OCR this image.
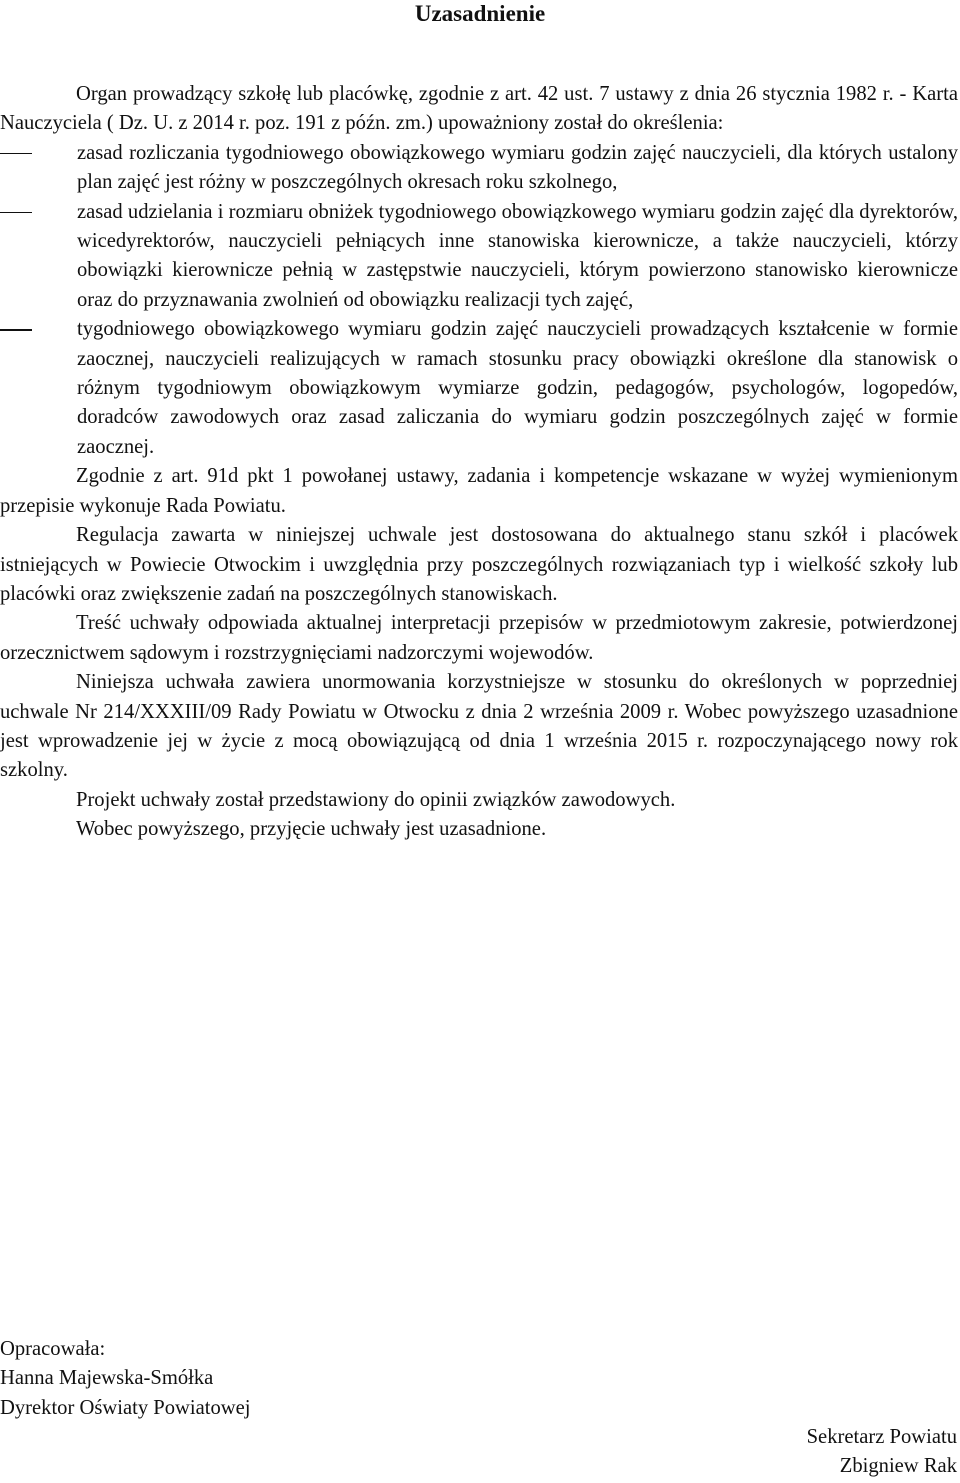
Uzasadnienie

Organ prowadzący szkołę lub placówkę, zgodnie z art. 42 ust. 7 ustawy z dnia 26 stycznia 1982 r. - Karta Nauczyciela ( Dz. U. z 2014 r. poz. 191 z późn. zm.) upoważniony został do określenia:

zasad rozliczania tygodniowego obowiązkowego wymiaru godzin zajęć nauczycieli, dla których ustalony plan zajęć jest różny w poszczególnych okresach roku szkolnego,
zasad udzielania i rozmiaru obniżek tygodniowego obowiązkowego wymiaru godzin zajęć dla dyrektorów, wicedyrektorów, nauczycieli pełniących inne stanowiska kierownicze, a także nauczycieli, którzy obowiązki kierownicze pełnią w zastępstwie nauczycieli, którym powierzono stanowisko kierownicze oraz do przyznawania zwolnień od obowiązku realizacji tych zajęć,
tygodniowego obowiązkowego wymiaru godzin zajęć nauczycieli prowadzących kształcenie w formie zaocznej, nauczycieli realizujących w ramach stosunku pracy obowiązki określone dla stanowisk o różnym tygodniowym obowiązkowym wymiarze godzin, pedagogów, psychologów, logopedów, doradców zawodowych oraz zasad zaliczania do wymiaru godzin poszczególnych zajęć w formie zaocznej.

Zgodnie z art. 91d pkt 1 powołanej ustawy, zadania i kompetencje wskazane w wyżej wymienionym przepisie wykonuje Rada Powiatu.

Regulacja zawarta w niniejszej uchwale jest dostosowana do aktualnego stanu szkół i placówek istniejących w Powiecie Otwockim i uwzględnia przy poszczególnych rozwiązaniach typ i wielkość szkoły lub placówki oraz zwiększenie zadań na poszczególnych stanowiskach.

Treść uchwały odpowiada aktualnej interpretacji przepisów w przedmiotowym zakresie, potwierdzonej orzecznictwem sądowym i rozstrzygnięciami nadzorczymi wojewodów.

Niniejsza uchwała zawiera unormowania korzystniejsze w stosunku do określonych w poprzedniej uchwale Nr 214/XXXIII/09 Rady Powiatu w Otwocku z dnia 2 września 2009 r. Wobec powyższego uzasadnione jest wprowadzenie jej w życie z mocą obowiązującą od dnia 1 września 2015 r. rozpoczynającego nowy rok szkolny.

Projekt uchwały został przedstawiony do opinii związków zawodowych.

Wobec powyższego, przyjęcie uchwały jest uzasadnione.

Opracowała:
Hanna Majewska-Smółka
Dyrektor Oświaty Powiatowej
Sekretarz Powiatu
Zbigniew Rak
